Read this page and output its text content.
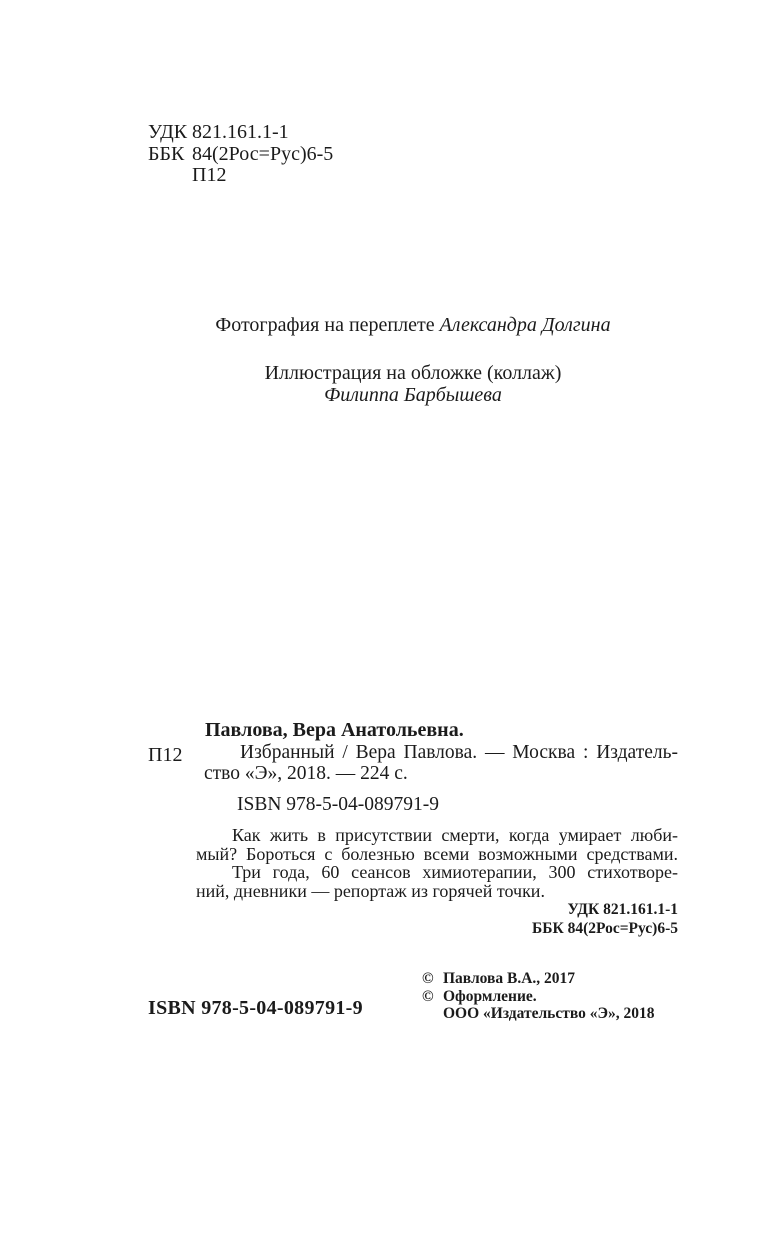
УДК 821.161.1-1
ББК 84(2Рос=Рус)6-5
П12
Фотография на переплете Александра Долгина
Иллюстрация на обложке (коллаж)
Филиппа Барбышева
Павлова, Вера Анатольевна.
П12	Избранный / Вера Павлова. — Москва : Издатель-
ство «Э», 2018. — 224 с.
ISBN 978-5-04-089791-9
Как жить в присутствии смерти, когда умирает люби-
мый? Бороться с болезнью всеми возможными средствами.
Три года, 60 сеансов химиотерапии, 300 стихотворе-
ний, дневники — репортаж из горячей точки.
УДК 821.161.1-1
ББК 84(2Рос=Рус)6-5
© Павлова В.А., 2017
© Оформление.
ООО «Издательство «Э», 2018
ISBN 978-5-04-089791-9
